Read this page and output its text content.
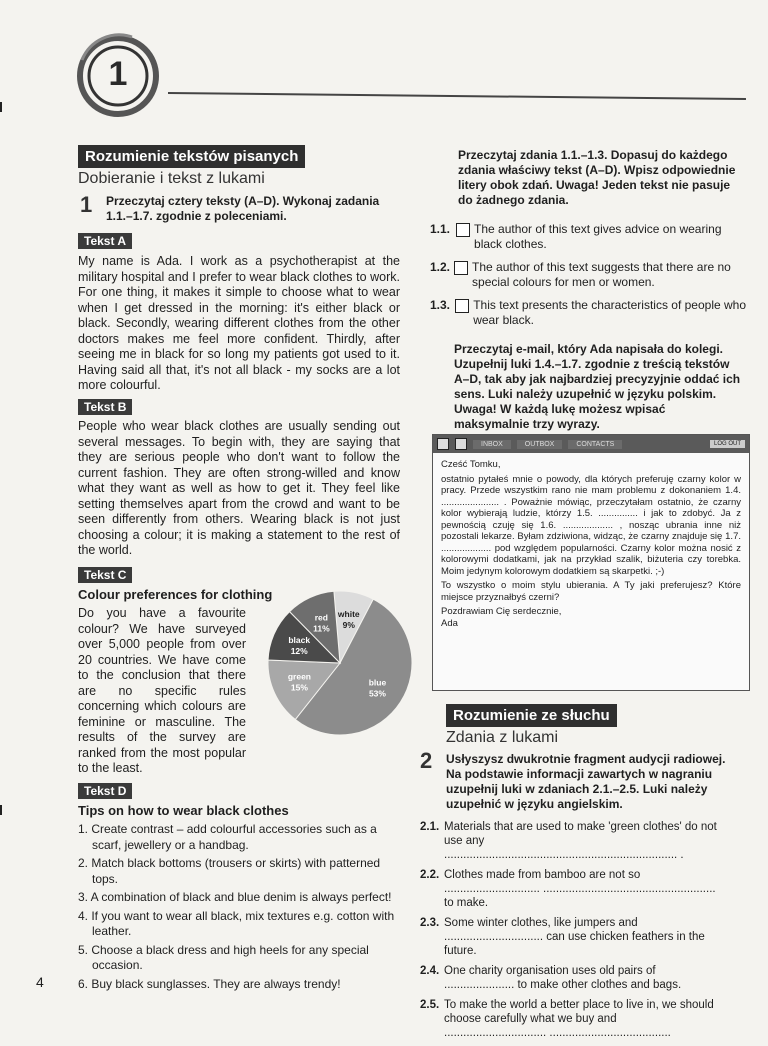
1
Rozumienie tekstów pisanych
Dobieranie i tekst z lukami
1 Przeczytaj cztery teksty (A–D). Wykonaj zadania 1.1.–1.7. zgodnie z poleceniami.
Tekst A
My name is Ada. I work as a psychotherapist at the military hospital and I prefer to wear black clothes to work. For one thing, it makes it simple to choose what to wear when I get dressed in the morning: it's either black or black. Secondly, wearing different clothes from the other doctors makes me feel more confident. Thirdly, after seeing me in black for so long my patients got used to it. Having said all that, it's not all black - my socks are a lot more colourful.
Tekst B
People who wear black clothes are usually sending out several messages. To begin with, they are saying that they are serious people who don't want to follow the current fashion. They are often strong-willed and know what they want as well as how to get it. They feel like setting themselves apart from the crowd and want to be seen differently from others. Wearing black is not just choosing a colour; it is making a statement to the rest of the world.
Tekst C
Colour preferences for clothing
Do you have a favourite colour? We have surveyed over 5,000 people from over 20 countries. We have come to the conclusion that there are no specific rules concerning which colours are feminine or masculine. The results of the survey are ranked from the most popular to the least.
white
9%
blue
53%
green
15%
black
12%
red
11%
Tekst D
Tips on how to wear black clothes
1. Create contrast – add colourful accessories such as a scarf, jewellery or a handbag.
2. Match black bottoms (trousers or skirts) with patterned tops.
3. A combination of black and blue denim is always perfect!
4. If you want to wear all black, mix textures e.g. cotton with leather.
5. Choose a black dress and high heels for any special occasion.
6. Buy black sunglasses. They are always trendy!
4
Przeczytaj zdania 1.1.–1.3. Dopasuj do każdego zdania właściwy tekst (A–D). Wpisz odpowiednie litery obok zdań. Uwaga! Jeden tekst nie pasuje do żadnego zdania.
1.1. The author of this text gives advice on wearing black clothes.
1.2. The author of this text suggests that there are no special colours for men or women.
1.3. This text presents the characteristics of people who wear black.
Przeczytaj e-mail, który Ada napisała do kolegi. Uzupełnij luki 1.4.–1.7. zgodnie z treścią tekstów A–D, tak aby jak najbardziej precyzyjnie oddać ich sens. Luki należy uzupełnić w języku polskim. Uwaga! W każdą lukę możesz wpisać maksymalnie trzy wyrazy.
INBOX	OUTBOX	CONTACTS	LOG OUT

Cześć Tomku,

ostatnio pytałeś mnie o powody, dla których preferuję czarny kolor w pracy. Przede wszystkim rano nie mam problemu z dokonaniem 1.4. ...................... . Poważnie mówiąc, przeczytałam ostatnio, że czarny kolor wybierają ludzie, którzy 1.5. ............... i jak to zdobyć. Ja z pewnością czuję się 1.6. ................... , nosząc ubrania inne niż pozostali lekarze. Byłam zdziwiona, widząc, że czarny znajduje się 1.7. ................... pod względem popularności. Czarny kolor można nosić z kolorowymi dodatkami, jak na przykład szalik, biżuteria czy torebka. Moim jedynym kolorowym dodatkiem są skarpetki. ;-)

To wszystko o moim stylu ubierania. A Ty jaki preferujesz? Które miejsce przyznałbyś czerni?

Pozdrawiam Cię serdecznie,

Ada

Rozumienie ze słuchu
Zdania z lukami
2 Usłyszysz dwukrotnie fragment audycji radiowej. Na podstawie informacji zawartych w nagraniu uzupełnij luki w zdaniach 2.1.–2.5. Luki należy uzupełnić w języku angielskim.
2.1. Materials that are used to make 'green clothes' do not use any ......................................................................... .
2.2. Clothes made from bamboo are not so .............................. ...................................................... to make.
2.3. Some winter clothes, like jumpers and ............................... can use chicken feathers in the future.
2.4. One charity organisation uses old pairs of ...................... to make other clothes and bags.
2.5. To make the world a better place to live in, we should choose carefully what we buy and ................................ ......................................
